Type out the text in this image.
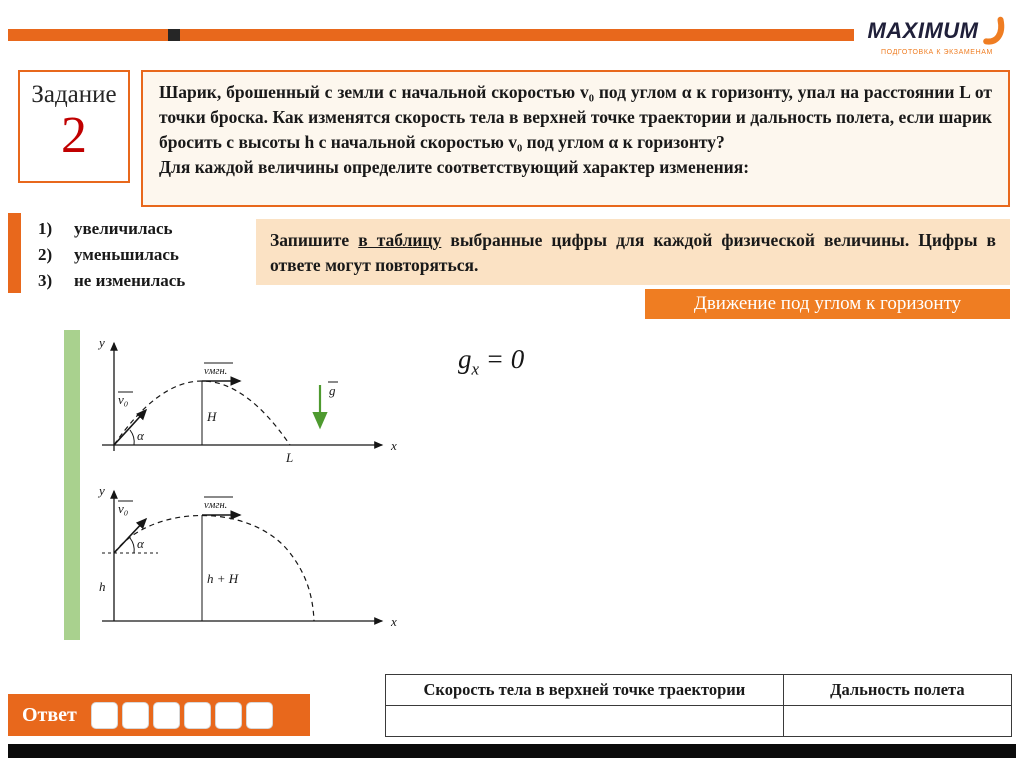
MAXIMUM
ПОДГОТОВКА К ЭКЗАМЕНАМ
Задание
2

Шарик, брошенный с земли с начальной скоростью v₀ под углом α к горизонту, упал на расстоянии L от точки броска. Как изменятся скорость тела в верхней точке траектории и дальность полета, если шарик бросить с высоты h с начальной скоростью v₀ под углом α к горизонту?

Для каждой величины определите соответствующий характер изменения:

1)	увеличилась
2)	уменьшилась
3)	не изменилась
Запишите в таблицу выбранные цифры для каждой физической величины. Цифры в ответе могут повторяться.
Движение под углом к горизонту
y
x
H
v₀
α
vмгн.
g
L
$g_x = 0$
y
x
h
h + H
v₀
α
vмгн.
Ответ
Скорость тела в верхней точке траектории	Дальность полета
